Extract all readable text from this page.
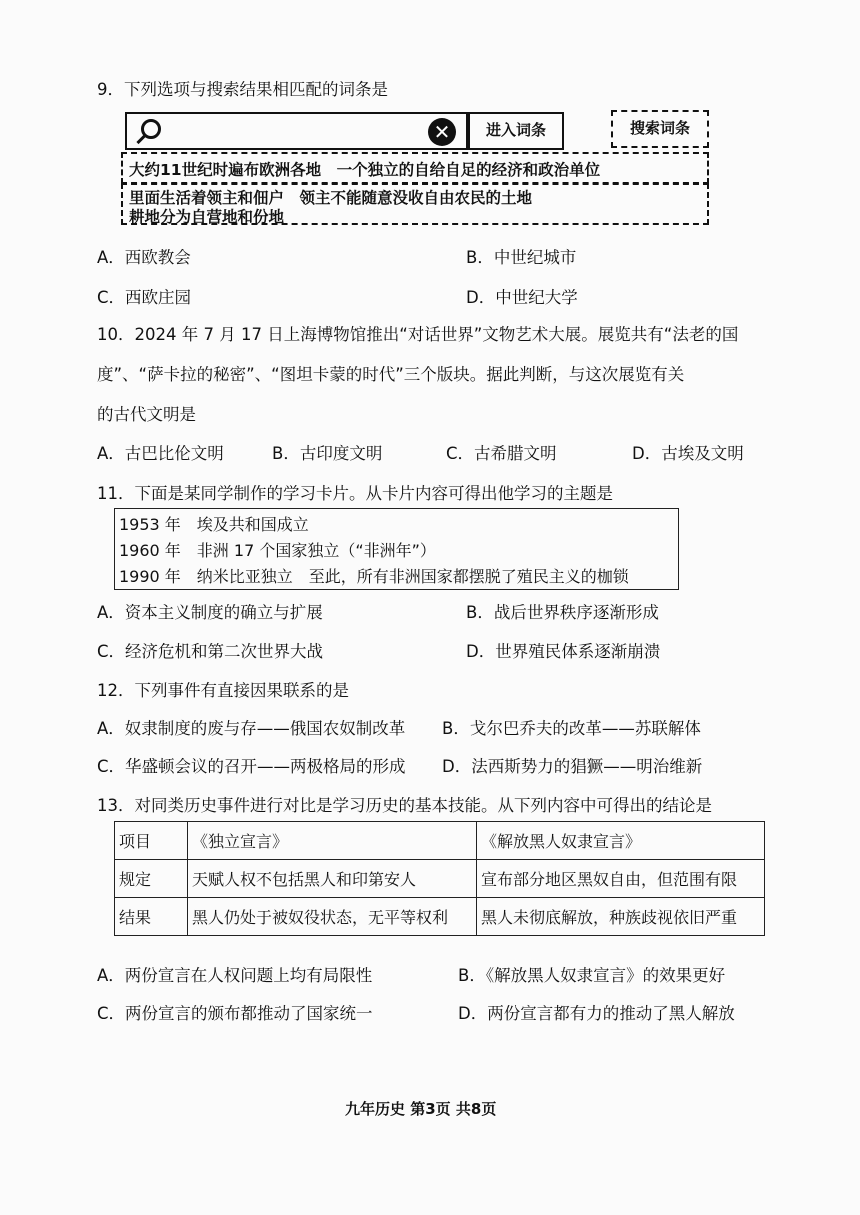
9．下列选项与搜索结果相匹配的词条是
✕	进入词条	搜索词条
大约11世纪时遍布欧洲各地　一个独立的自给自足的经济和政治单位
里面生活着领主和佃户　领主不能随意没收自由农民的土地
耕地分为自营地和份地
A．西欧教会	B．中世纪城市
C．西欧庄园	D．中世纪大学
10．2024 年 7 月 17 日上海博物馆推出“对话世界”文物艺术大展。展览共有“法老的国
度”、“萨卡拉的秘密”、“图坦卡蒙的时代”三个版块。据此判断，与这次展览有关
的古代文明是
A．古巴比伦文明	B．古印度文明	C．古希腊文明	D．古埃及文明
11．下面是某同学制作的学习卡片。从卡片内容可得出他学习的主题是
1953 年　埃及共和国成立
1960 年　非洲 17 个国家独立（“非洲年”）
1990 年　纳米比亚独立　至此，所有非洲国家都摆脱了殖民主义的枷锁
A．资本主义制度的确立与扩展	B．战后世界秩序逐渐形成
C．经济危机和第二次世界大战	D．世界殖民体系逐渐崩溃
12．下列事件有直接因果联系的是
A．奴隶制度的废与存——俄国农奴制改革 B．戈尔巴乔夫的改革——苏联解体
C．华盛顿会议的召开——两极格局的形成 D．法西斯势力的猖獗——明治维新
13．对同类历史事件进行对比是学习历史的基本技能。从下列内容中可得出的结论是
项目	《独立宣言》	《解放黑人奴隶宣言》
规定	天赋人权不包括黑人和印第安人	宣布部分地区黑奴自由，但范围有限
结果	黑人仍处于被奴役状态，无平等权利	黑人未彻底解放，种族歧视依旧严重
A．两份宣言在人权问题上均有局限性	B．《解放黑人奴隶宣言》的效果更好
C．两份宣言的颁布都推动了国家统一	D．两份宣言都有力的推动了黑人解放
九年历史 第3页 共8页
